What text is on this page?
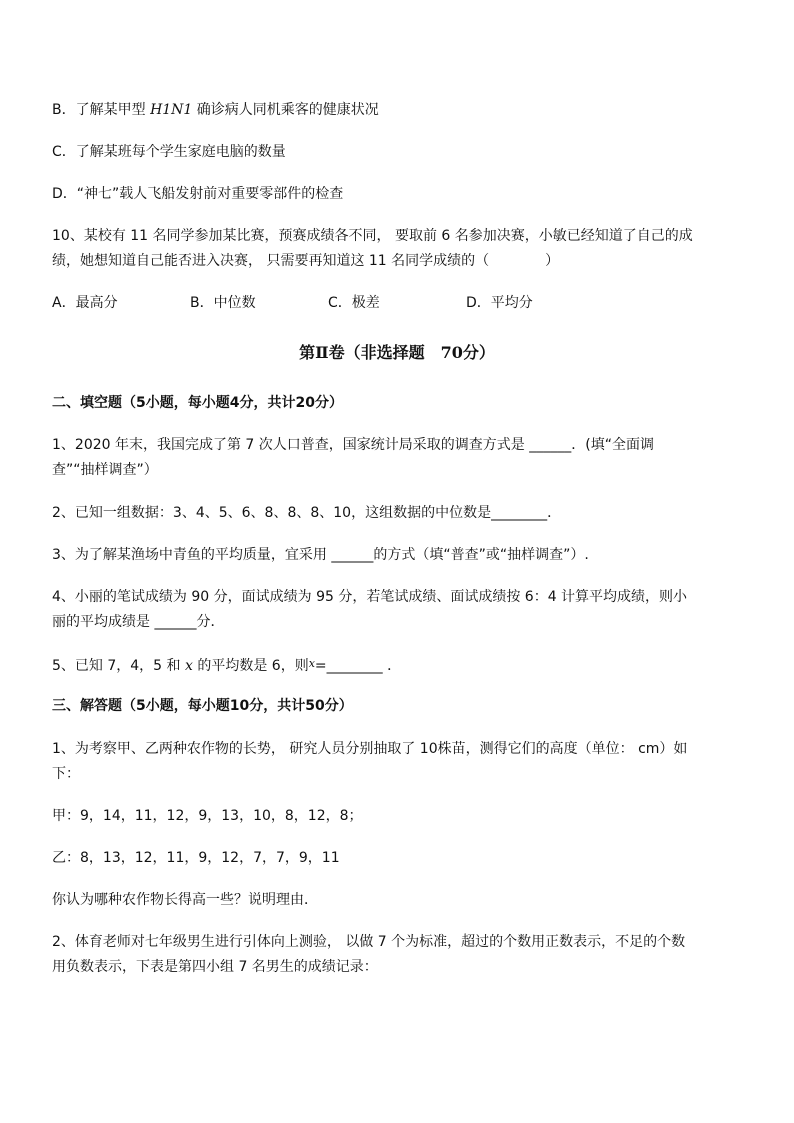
B．了解某甲型 H1N1 确诊病人同机乘客的健康状况
C．了解某班每个学生家庭电脑的数量
D．“神七”载人飞船发射前对重要零部件的检查
10、某校有 11 名同学参加某比赛，预赛成绩各不同， 要取前 6 名参加决赛，小敏已经知道了自己的成
绩，她想知道自己能否进入决赛， 只需要再知道这 11 名同学成绩的（　　　　）
A．最高分	B．中位数	C．极差	D．平均分
第Ⅱ卷（非选择题　70分）
二、填空题（5小题，每小题4分，共计20分）
1、2020 年末，我国完成了第 7 次人口普查，国家统计局采取的调查方式是 ______．(填“全面调
查”“抽样调查”）
2、已知一组数据：3、4、5、6、8、8、8、10，这组数据的中位数是________．
3、为了解某渔场中青鱼的平均质量，宜采用 ______的方式（填“普查”或“抽样调查”）.
4、小丽的笔试成绩为 90 分，面试成绩为 95 分，若笔试成绩、面试成绩按 6：4 计算平均成绩，则小
丽的平均成绩是 ______分．
5、已知 7，4，5 和 x 的平均数是 6，则$^x$=________ ．
三、解答题（5小题，每小题10分，共计50分）
1、为考察甲、乙两种农作物的长势， 研究人员分别抽取了 10株苗，测得它们的高度（单位： cm）如
下：
甲：9，14，11，12，9，13，10，8，12，8；
乙：8，13，12，11，9，12，7，7，9，11
你认为哪种农作物长得高一些？说明理由．
2、体育老师对七年级男生进行引体向上测验， 以做 7 个为标准，超过的个数用正数表示，不足的个数
用负数表示，下表是第四小组 7 名男生的成绩记录：
